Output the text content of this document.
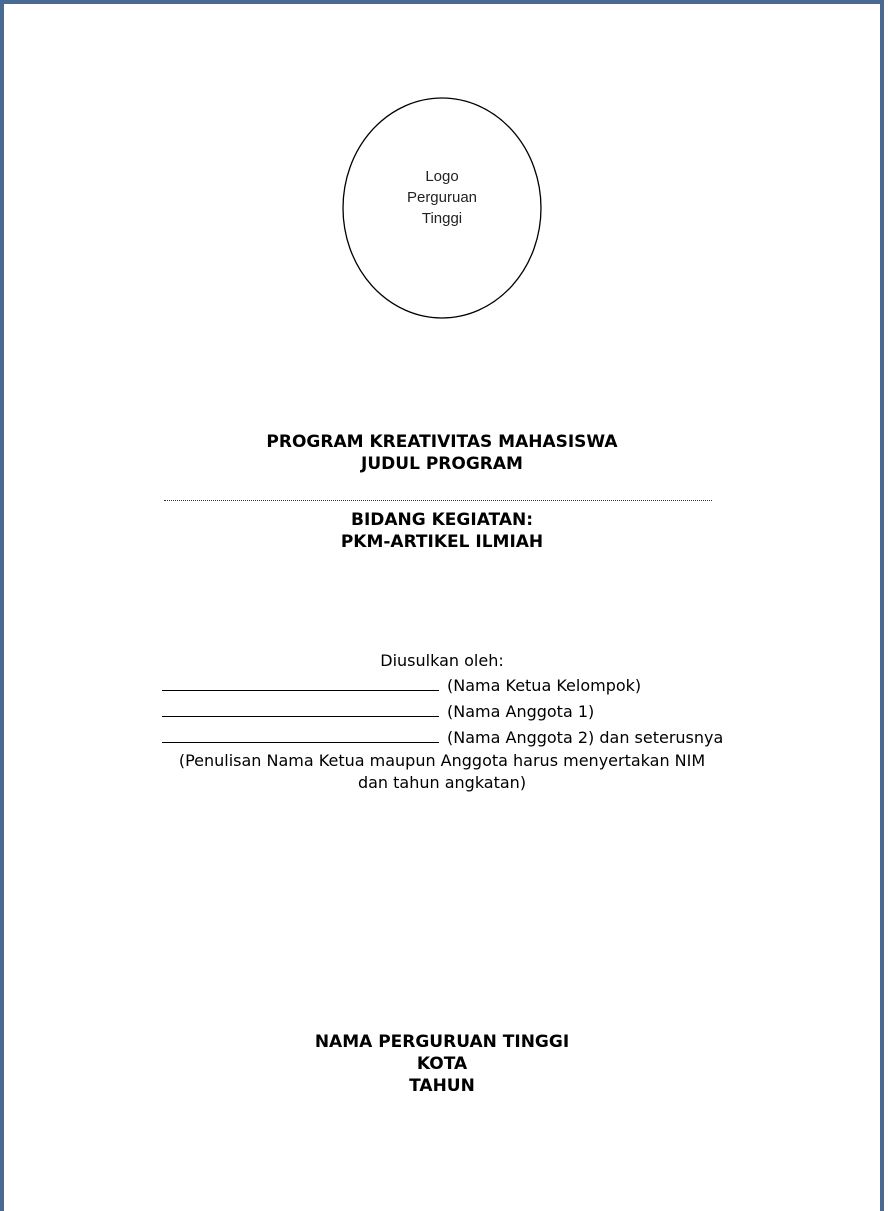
Logo
Perguruan
Tinggi
PROGRAM KREATIVITAS MAHASISWA
JUDUL PROGRAM
BIDANG KEGIATAN:
PKM-ARTIKEL ILMIAH
Diusulkan oleh:
(Nama Ketua Kelompok)
(Nama Anggota 1)
(Nama Anggota 2) dan seterusnya
(Penulisan Nama Ketua maupun Anggota harus menyertakan NIM
dan tahun angkatan)
NAMA PERGURUAN TINGGI
KOTA
TAHUN
